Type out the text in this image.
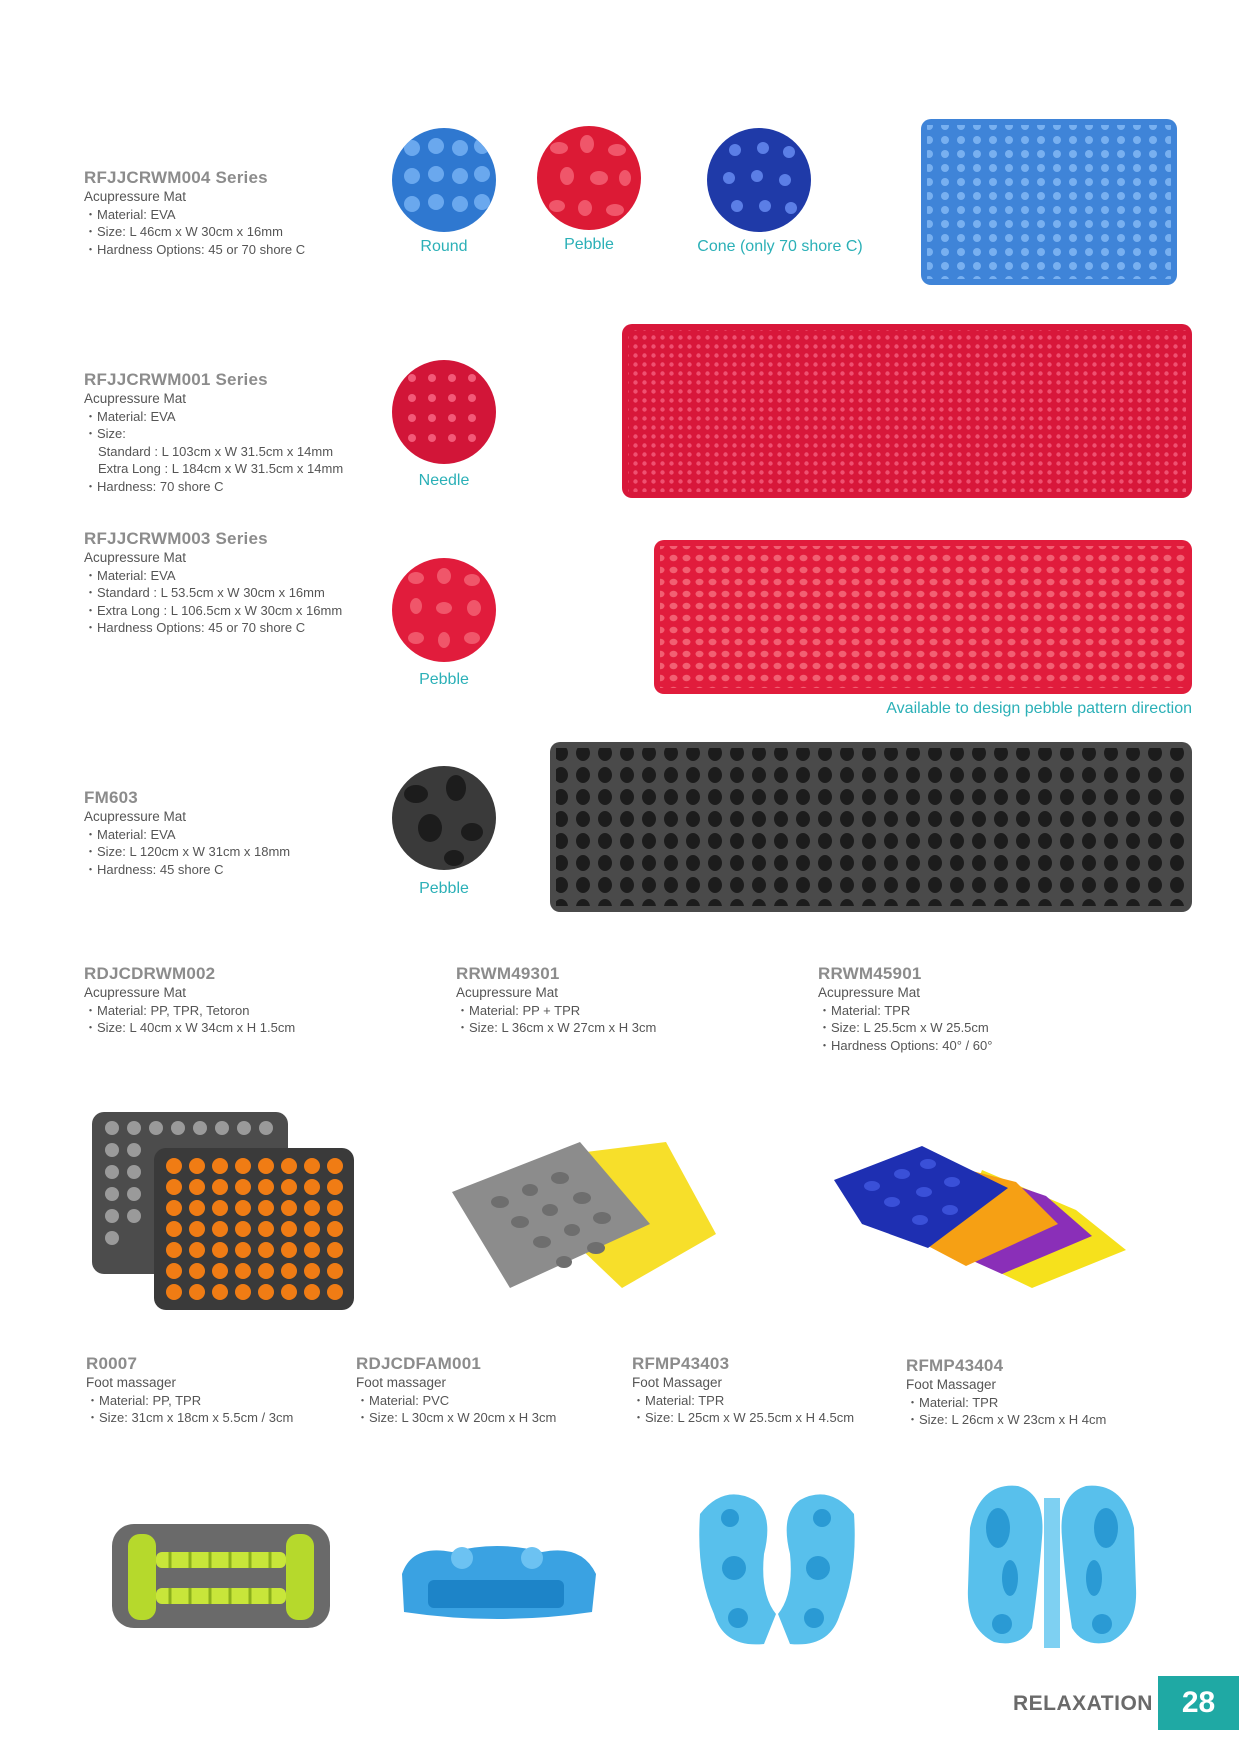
RFJJCRWM004 Series
Acupressure Mat
・Material: EVA
・Size: L 46cm x W 30cm x 16mm
・Hardness Options: 45 or 70 shore C	Round	Pebble	Cone (only 70 shore C)
RFJJCRWM001 Series
Acupressure Mat
・Material: EVA
・Size:
Standard : L 103cm x W 31.5cm x 14mm
Extra Long : L 184cm x W 31.5cm x 14mm
・Hardness: 70 shore C	Needle
RFJJCRWM003 Series
Acupressure Mat
・Material: EVA
・Standard : L 53.5cm x W 30cm x 16mm
・Extra Long : L 106.5cm x W 30cm x 16mm
・Hardness Options: 45 or 70 shore C
Pebble
Available to design pebble pattern direction
FM603
Acupressure Mat
・Material: EVA
・Size: L 120cm x W 31cm x 18mm
・Hardness: 45 shore C
Pebble
RDJCDRWM002
Acupressure Mat
・Material: PP, TPR, Tetoron
・Size: L 40cm x W 34cm x H 1.5cm
RRWM49301
Acupressure Mat
・Material: PP + TPR
・Size: L 36cm x W 27cm x H 3cm
RRWM45901
Acupressure Mat
・Material: TPR
・Size: L 25.5cm x W 25.5cm
・Hardness Options: 40° / 60°
R0007
Foot massager
・Material: PP, TPR
・Size: 31cm x 18cm x 5.5cm / 3cm
RDJCDFAM001
Foot massager
・Material: PVC
・Size: L 30cm x W 20cm x H 3cm
RFMP43403
Foot Massager
・Material: TPR
・Size: L 25cm x W 25.5cm x H 4.5cm
RFMP43404
Foot Massager
・Material: TPR
・Size: L 26cm x W 23cm x H 4cm
RELAXATION 28
